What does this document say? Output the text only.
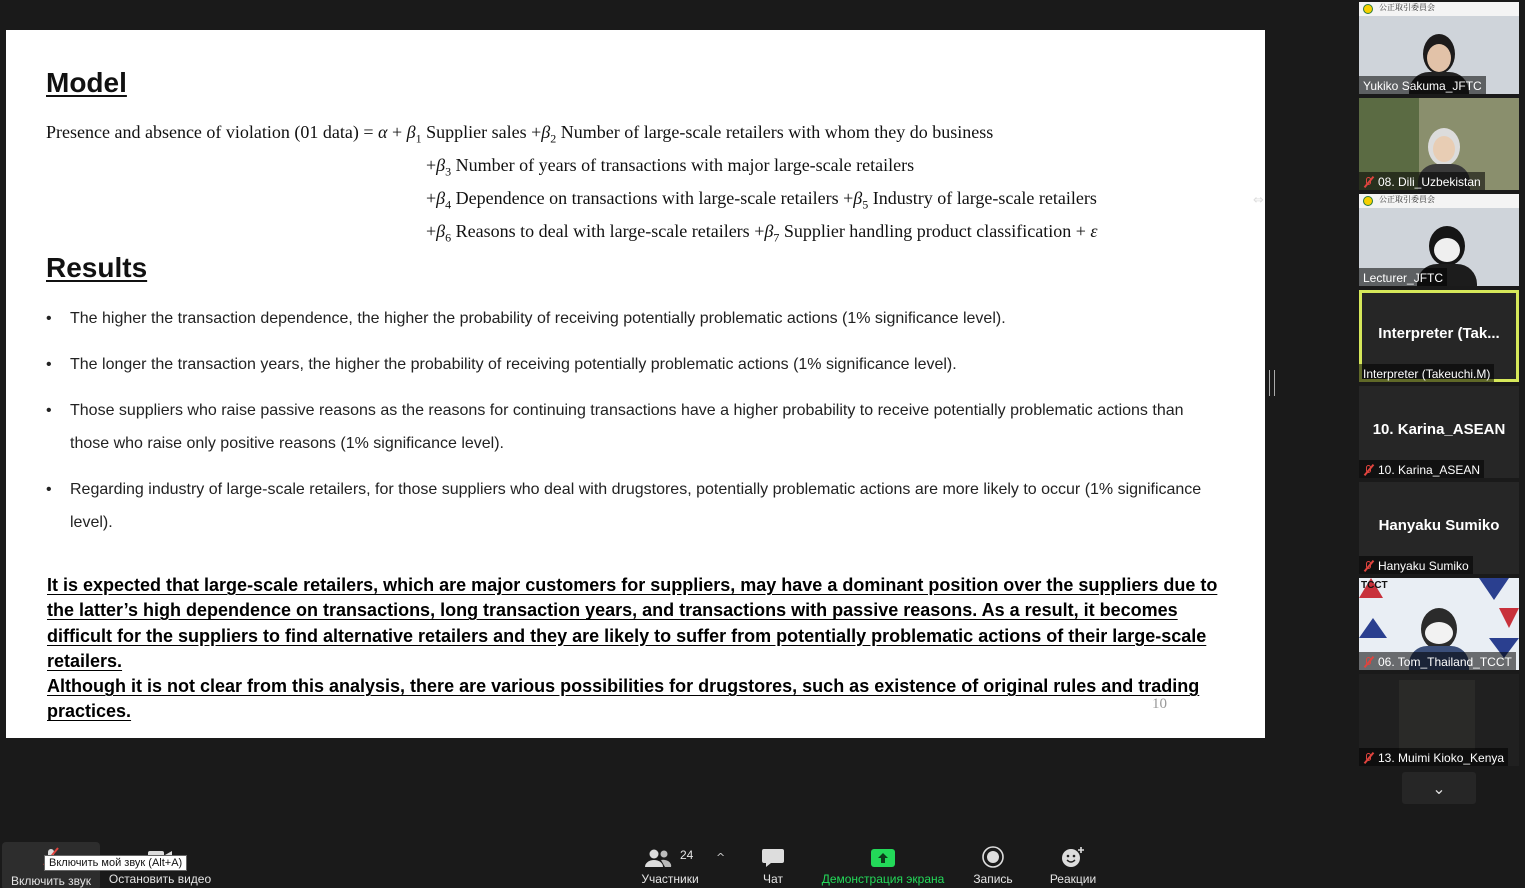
Model
Presence and absence of violation (01 data) = $\alpha + \beta_1$ Supplier sales $+\beta_2$ Number of large-scale retailers with whom they do business
$+\beta_3$ Number of years of transactions with major large-scale retailers
$+\beta_4$ Dependence on transactions with large-scale retailers $+\beta_5$ Industry of large-scale retailers
$+\beta_6$ Reasons to deal with large-scale retailers $+\beta_7$ Supplier handling product classification + ε
Results
• The higher the transaction dependence, the higher the probability of receiving potentially problematic actions (1% significance level).
• The longer the transaction years, the higher the probability of receiving potentially problematic actions (1% significance level).
• Those suppliers who raise passive reasons as the reasons for continuing transactions have a higher probability to receive potentially problematic actions than those who raise only positive reasons (1% significance level).
• Regarding industry of large-scale retailers, for those suppliers who deal with drugstores, potentially problematic actions are more likely to occur (1% significance level).

It is expected that large-scale retailers, which are major customers for suppliers, may have a dominant position over the suppliers due to the latter’s high dependence on transactions, long transaction years, and transactions with passive reasons. As a result, it becomes difficult for the suppliers to find alternative retailers and they are likely to suffer from potentially problematic actions of their large-scale retailers.

Although it is not clear from this analysis, there are various possibilities for drugstores, such as existence of original rules and trading practices.	10
⇔
公正取引委員会
Yukiko Sakuma_JFTC
08. Dili_Uzbekistan
公正取引委員会
Lecturer_JFTC
Interpreter (Tak...
Interpreter (Takeuchi.M)
10. Karina_ASEAN
10. Karina_ASEAN
Hanyaku Sumiko
Hanyaku Sumiko
TCCT
06. Tom_Thailand_TCCT
13. Muimi Kioko_Kenya
⌄
Включить звук	Остановить видео
24
Участники	Чат	Демонстрация экрана	Запись	Реакции
^
Включить мой звук (Alt+A)
